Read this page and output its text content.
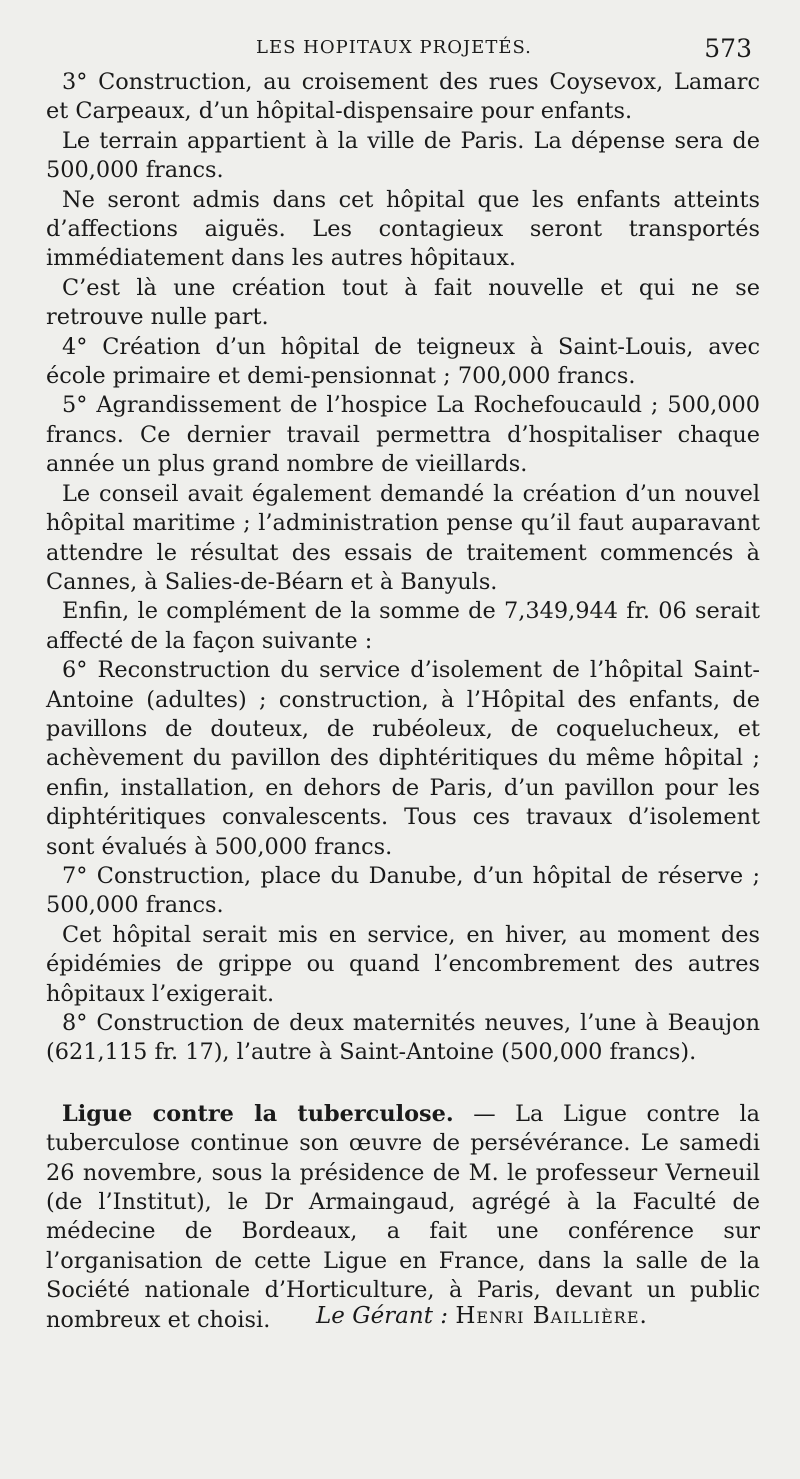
LES HOPITAUX PROJETÉS.	573

3° Construction, au croisement des rues Coysevox, Lamarc et Carpeaux, d’un hôpital-dispensaire pour enfants.

Le terrain appartient à la ville de Paris. La dépense sera de 500,000 francs.

Ne seront admis dans cet hôpital que les enfants atteints d’affections aiguës. Les contagieux seront transportés immédiatement dans les autres hôpitaux.

C’est là une création tout à fait nouvelle et qui ne se retrouve nulle part.

4° Création d’un hôpital de teigneux à Saint-Louis, avec école primaire et demi-pensionnat ; 700,000 francs.

5° Agrandissement de l’hospice La Rochefoucauld ; 500,000 francs. Ce dernier travail permettra d’hospitaliser chaque année un plus grand nombre de vieillards.

Le conseil avait également demandé la création d’un nouvel hôpital maritime ; l’administration pense qu’il faut auparavant attendre le résultat des essais de traitement commencés à Cannes, à Salies-de-Béarn et à Banyuls.

Enfin, le complément de la somme de 7,349,944 fr. 06 serait affecté de la façon suivante :

6° Reconstruction du service d’isolement de l’hôpital Saint-Antoine (adultes) ; construction, à l’Hôpital des enfants, de pavillons de douteux, de rubéoleux, de coquelucheux, et achèvement du pavillon des diphtéritiques du même hôpital ; enfin, installation, en dehors de Paris, d’un pavillon pour les diphtéritiques convalescents. Tous ces travaux d’isolement sont évalués à 500,000 francs.

7° Construction, place du Danube, d’un hôpital de réserve ; 500,000 francs.

Cet hôpital serait mis en service, en hiver, au moment des épidémies de grippe ou quand l’encombrement des autres hôpitaux l’exigerait.

8° Construction de deux maternités neuves, l’une à Beaujon (621,115 fr. 17), l’autre à Saint-Antoine (500,000 francs).

Ligue contre la tuberculose. — La Ligue contre la tuberculose continue son œuvre de persévérance. Le samedi 26 novembre, sous la présidence de M. le professeur Verneuil (de l’Institut), le Dr Armaingaud, agrégé à la Faculté de médecine de Bordeaux, a fait une conférence sur l’organisation de cette Ligue en France, dans la salle de la Société nationale d’Horticulture, à Paris, devant un public nombreux et choisi.	Le Gérant : Henri Baillière.
